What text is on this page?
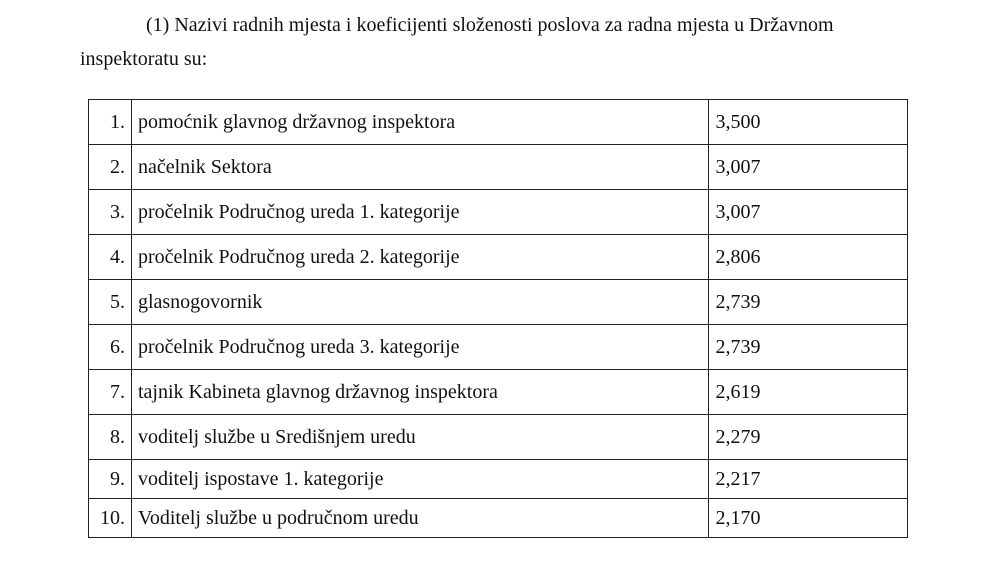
(1) Nazivi radnih mjesta i koeficijenti složenosti poslova za radna mjesta u Državnom
inspektoratu su:

1.	pomoćnik glavnog državnog inspektora	3,500
2.	načelnik Sektora	3,007
3.	pročelnik Područnog ureda 1. kategorije	3,007
4.	pročelnik Područnog ureda 2. kategorije	2,806
5.	glasnogovornik	2,739
6.	pročelnik Područnog ureda 3. kategorije	2,739
7.	tajnik Kabineta glavnog državnog inspektora	2,619
8.	voditelj službe u Središnjem uredu	2,279
9.	voditelj ispostave 1. kategorije	2,217
10.	Voditelj službe u područnom uredu	2,170
